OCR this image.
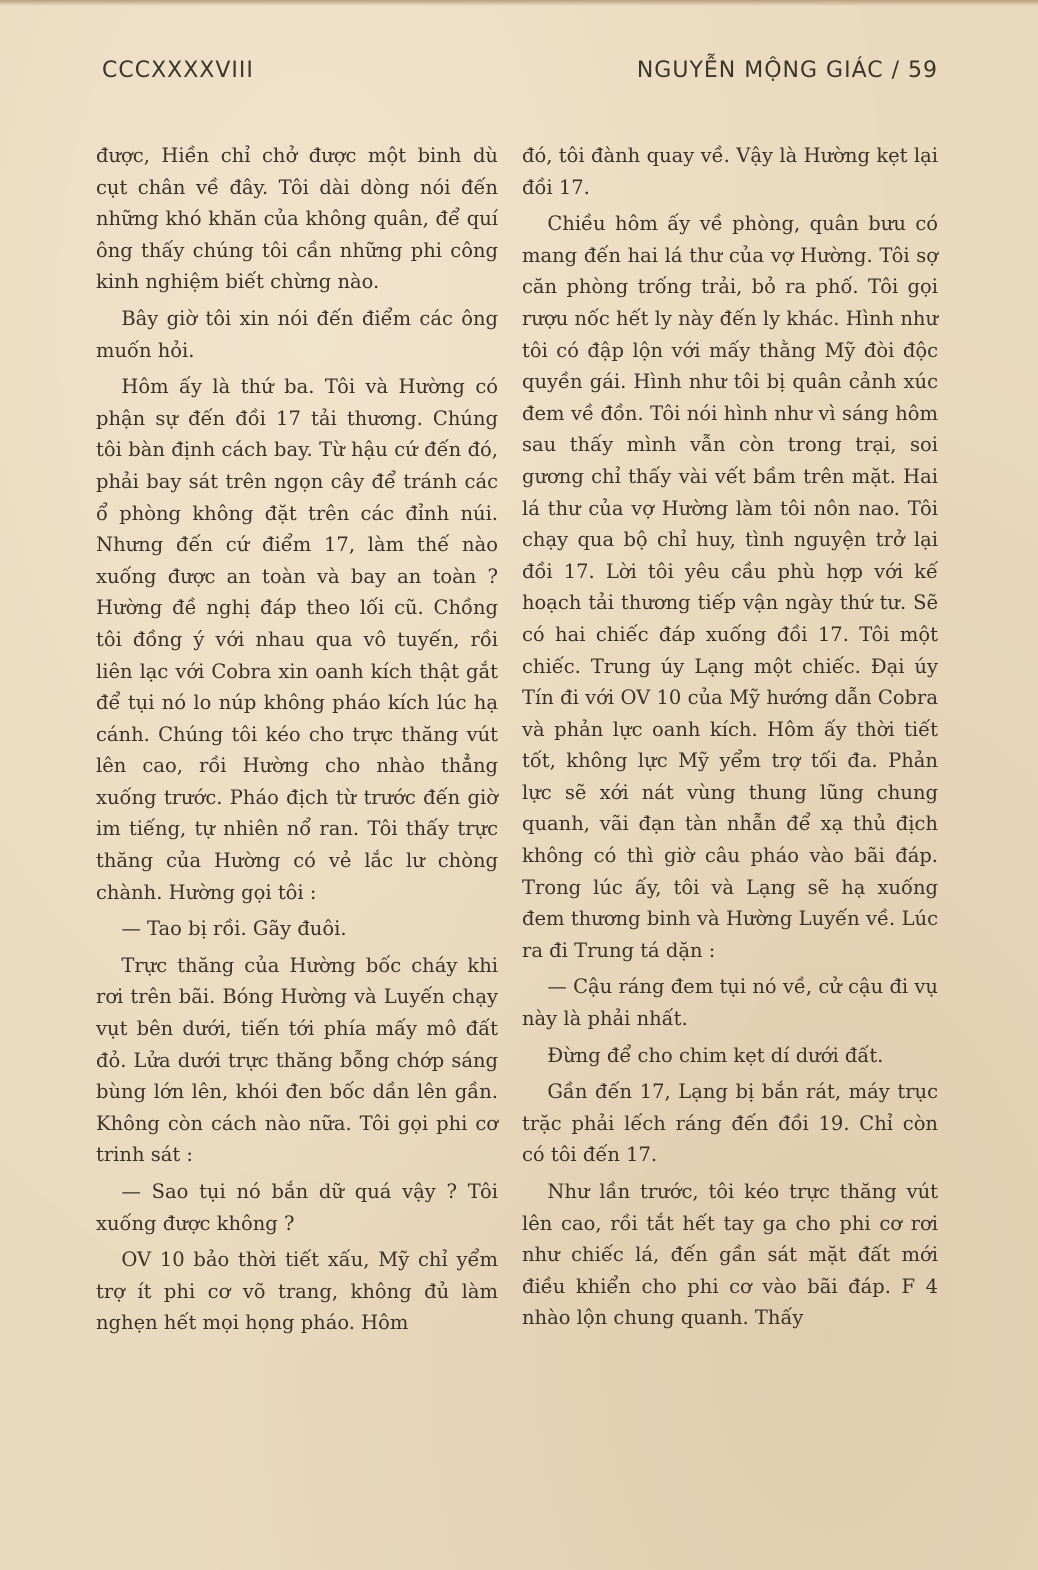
CCCXXXXVIII	NGUYỄN MỘNG GIÁC / 59

được, Hiền chỉ chở được một binh dù cụt chân về đây. Tôi dài dòng nói đến những khó khăn của không quân, để quí ông thấy chúng tôi cần những phi công kinh nghiệm biết chừng nào.

Bây giờ tôi xin nói đến điểm các ông muốn hỏi.

Hôm ấy là thứ ba. Tôi và Hường có phận sự đến đồi 17 tải thương. Chúng tôi bàn định cách bay. Từ hậu cứ đến đó, phải bay sát trên ngọn cây để tránh các ổ phòng không đặt trên các đỉnh núi. Nhưng đến cứ điểm 17, làm thế nào xuống được an toàn và bay an toàn ? Hường đề nghị đáp theo lối cũ. Chồng tôi đồng ý với nhau qua vô tuyến, rồi liên lạc với Cobra xin oanh kích thật gắt để tụi nó lo núp không pháo kích lúc hạ cánh. Chúng tôi kéo cho trực thăng vút lên cao, rồi Hường cho nhào thẳng xuống trước. Pháo địch từ trước đến giờ im tiếng, tự nhiên nổ ran. Tôi thấy trực thăng của Hường có vẻ lắc lư chòng chành. Hường gọi tôi :

— Tao bị rồi. Gãy đuôi.

Trực thăng của Hường bốc cháy khi rơi trên bãi. Bóng Hường và Luyến chạy vụt bên dưới, tiến tới phía mấy mô đất đỏ. Lửa dưới trực thăng bỗng chớp sáng bùng lớn lên, khói đen bốc dần lên gần. Không còn cách nào nữa. Tôi gọi phi cơ trinh sát :

— Sao tụi nó bắn dữ quá vậy ? Tôi xuống được không ?

OV 10 bảo thời tiết xấu, Mỹ chỉ yểm trợ ít phi cơ võ trang, không đủ làm nghẹn hết mọi họng pháo. Hôm

đó, tôi đành quay về. Vậy là Hường kẹt lại đồi 17.

Chiều hôm ấy về phòng, quân bưu có mang đến hai lá thư của vợ Hường. Tôi sợ căn phòng trống trải, bỏ ra phố. Tôi gọi rượu nốc hết ly này đến ly khác. Hình như tôi có đập lộn với mấy thằng Mỹ đòi độc quyền gái. Hình như tôi bị quân cảnh xúc đem về đồn. Tôi nói hình như vì sáng hôm sau thấy mình vẫn còn trong trại, soi gương chỉ thấy vài vết bầm trên mặt. Hai lá thư của vợ Hường làm tôi nôn nao. Tôi chạy qua bộ chỉ huy, tình nguyện trở lại đồi 17. Lời tôi yêu cầu phù hợp với kế hoạch tải thương tiếp vận ngày thứ tư. Sẽ có hai chiếc đáp xuống đồi 17. Tôi một chiếc. Trung úy Lạng một chiếc. Đại úy Tín đi với OV 10 của Mỹ hướng dẫn Cobra và phản lực oanh kích. Hôm ấy thời tiết tốt, không lực Mỹ yểm trợ tối đa. Phản lực sẽ xới nát vùng thung lũng chung quanh, vãi đạn tàn nhẫn để xạ thủ địch không có thì giờ câu pháo vào bãi đáp. Trong lúc ấy, tôi và Lạng sẽ hạ xuống đem thương binh và Hường Luyến về. Lúc ra đi Trung tá dặn :

— Cậu ráng đem tụi nó về, cử cậu đi vụ này là phải nhất.

Đừng để cho chim kẹt dí dưới đất.

Gần đến 17, Lạng bị bắn rát, máy trục trặc phải lếch ráng đến đồi 19. Chỉ còn có tôi đến 17.

Như lần trước, tôi kéo trực thăng vút lên cao, rồi tắt hết tay ga cho phi cơ rơi như chiếc lá, đến gần sát mặt đất mới điều khiển cho phi cơ vào bãi đáp. F 4 nhào lộn chung quanh. Thấy
